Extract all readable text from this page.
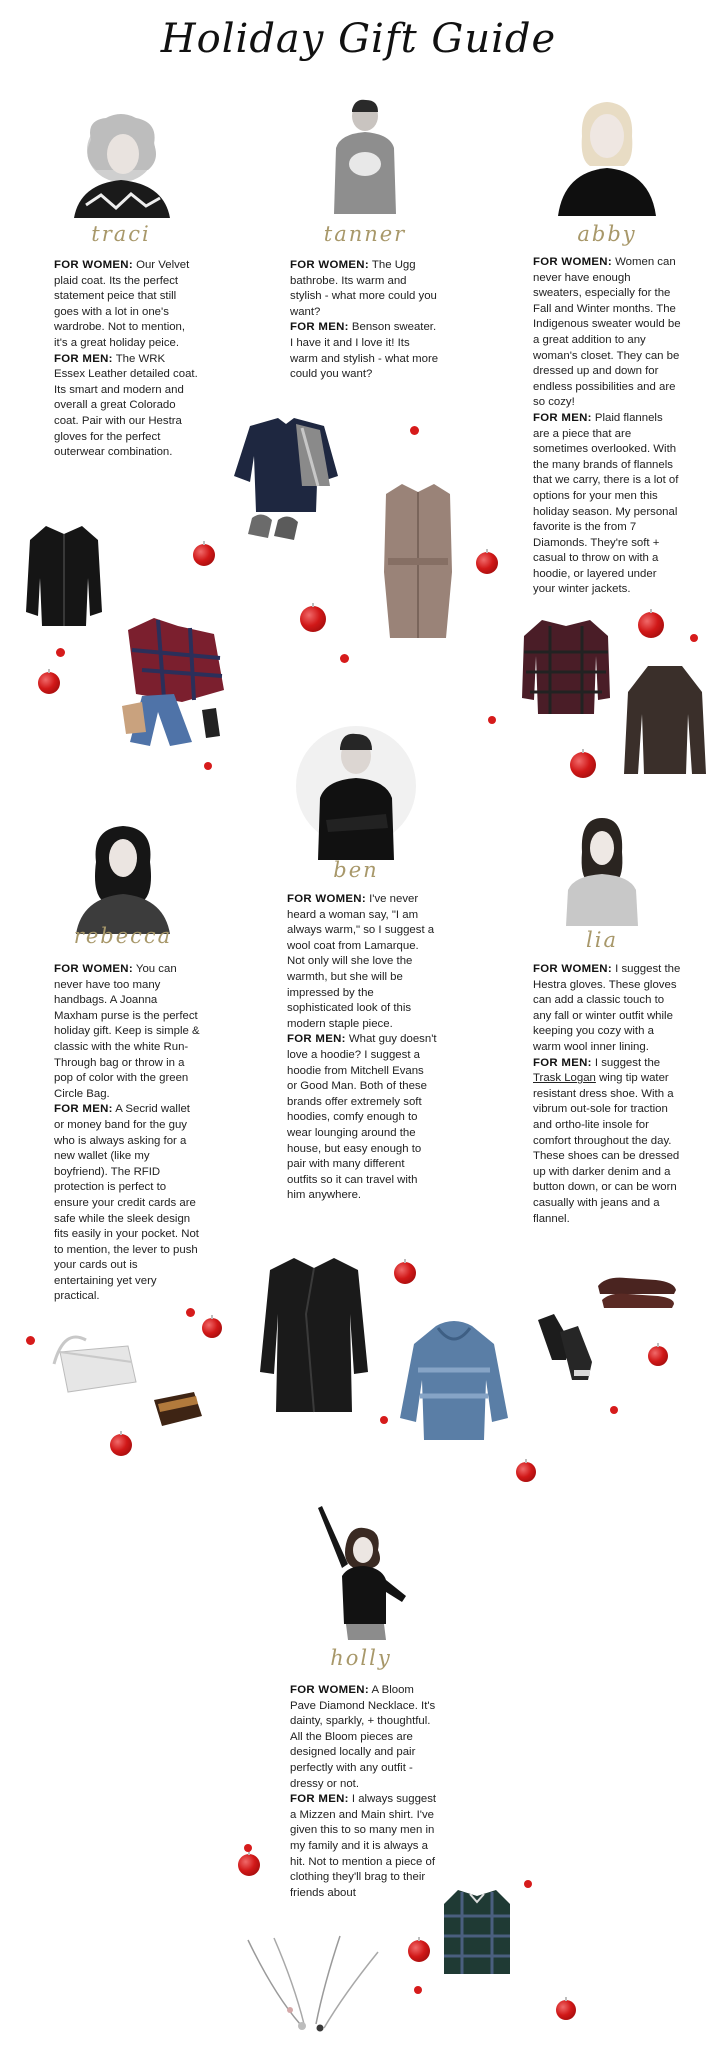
Holiday Gift Guide
traci

FOR WOMEN: Our Velvet plaid coat. Its the perfect statement peice that still goes with a lot in one's wardrobe. Not to mention, it's a great holiday peice.

FOR MEN: The WRK Essex Leather detailed coat. Its smart and modern and overall a great Colorado coat. Pair with our Hestra gloves for the perfect outerwear combination.

tanner

FOR WOMEN: The Ugg bathrobe. Its warm and stylish - what more could you want?

FOR MEN: Benson sweater. I have it and I love it! Its warm and stylish - what more could you want?

abby

FOR WOMEN: Women can never have enough sweaters, especially for the Fall and Winter months. The Indigenous sweater would be a great addition to any woman's closet. They can be dressed up and down for endless possibilities and are so cozy!

FOR MEN: Plaid flannels are a piece that are sometimes overlooked. With the many brands of flannels that we carry, there is a lot of options for your men this holiday season. My personal favorite is the from 7 Diamonds. They're soft + casual to throw on with a hoodie, or layered under your winter jackets.

ben

FOR WOMEN: I've never heard a woman say, "I am always warm," so I suggest a wool coat from Lamarque. Not only will she love the warmth, but she will be impressed by the sophisticated look of this modern staple piece.

FOR MEN: What guy doesn't love a hoodie? I suggest a hoodie from Mitchell Evans or Good Man. Both of these brands offer extremely soft hoodies, comfy enough to wear lounging around the house, but easy enough to pair with many different outfits so it can travel with him anywhere.

rebecca

FOR WOMEN: You can never have too many handbags. A Joanna Maxham purse is the perfect holiday gift. Keep is simple & classic with the white Run-Through bag or throw in a pop of color with the green Circle Bag.

FOR MEN: A Secrid wallet or money band for the guy who is always asking for a new wallet (like my boyfriend). The RFID protection is perfect to ensure your credit cards are safe while the sleek design fits easily in your pocket. Not to mention, the lever to push your cards out is entertaining yet very practical.

lia

FOR WOMEN: I suggest the Hestra gloves. These gloves can add a classic touch to any fall or winter outfit while keeping you cozy with a warm wool inner lining.

FOR MEN: I suggest the Trask Logan wing tip water resistant dress shoe. With a vibrum out-sole for traction and ortho-lite insole for comfort throughout the day. These shoes can be dressed up with darker denim and a button down, or can be worn casually with jeans and a flannel.

holly

FOR WOMEN: A Bloom Pave Diamond Necklace. It's dainty, sparkly, + thoughtful. All the Bloom pieces are designed locally and pair perfectly with any outfit - dressy or not.

FOR MEN: I always suggest a Mizzen and Main shirt. I've given this to so many men in my family and it is always a hit. Not to mention a piece of clothing they'll brag to their friends about
